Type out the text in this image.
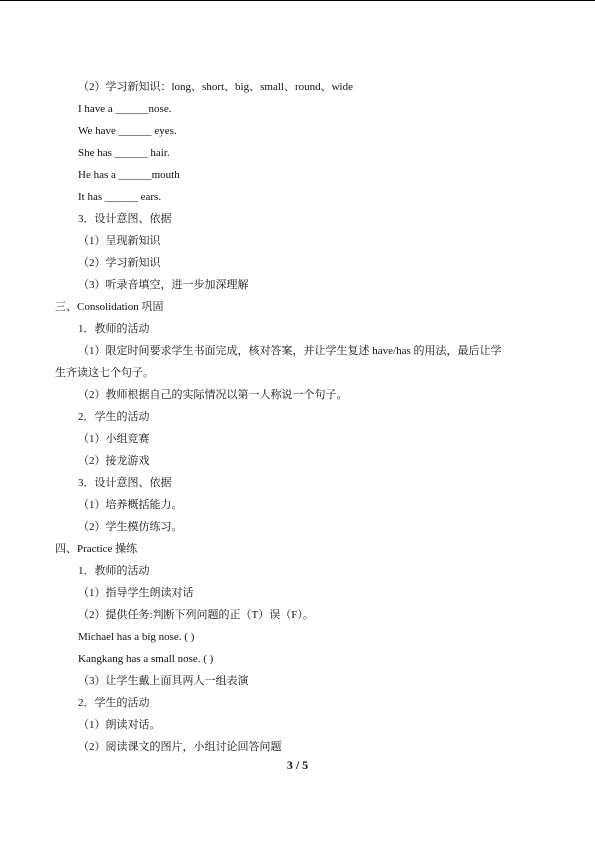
（2）学习新知识：long、short、big、small、round、wide
I have a ______nose.
We have ______ eyes.
She has ______ hair.
He has a ______mouth
It has ______ ears.
3．设计意图、依据
（1）呈现新知识
（2）学习新知识
（3）听录音填空，进一步加深理解
三、Consolidation 巩固
1．教师的活动
（1）限定时间要求学生书面完成，核对答案，并让学生复述 have/has 的用法，最后让学
生齐读这七个句子。
（2）教师根据自己的实际情况以第一人称说一个句子。
2．学生的活动
（1）小组竞赛
（2）接龙游戏
3．设计意图、依据
（1）培养概括能力。
（2）学生模仿练习。
四、Practice 操练
1．教师的活动
（1）指导学生朗读对话
（2）提供任务:判断下列问题的正（T）误（F）。
Michael has a big nose. ( )
Kangkang has a small nose. ( )
（3）让学生戴上面具两人一组表演
2．学生的活动
（1）朗读对话。
（2）阅读课文的图片，小组讨论回答问题
3 / 5
